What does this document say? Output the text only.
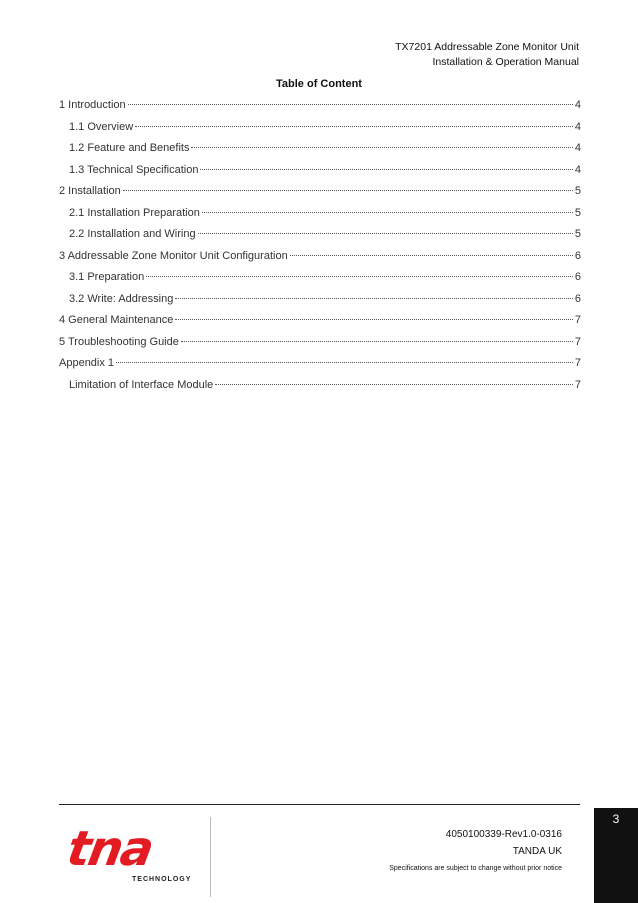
TX7201 Addressable Zone Monitor Unit
Installation & Operation Manual
Table of Content
1 Introduction	4
1.1 Overview	4
1.2 Feature and Benefits	4
1.3 Technical Specification	4
2 Installation	5
2.1 Installation Preparation	5
2.2 Installation and Wiring	5
3 Addressable Zone Monitor Unit Configuration	6
3.1 Preparation	6
3.2 Write: Addressing	6
4 General Maintenance	7
5 Troubleshooting Guide	7
Appendix 1	7
Limitation of Interface Module	7
tna
TECHNOLOGY
4050100339-Rev1.0-0316
TANDA UK
Specifications are subject to change without prior notice
3
